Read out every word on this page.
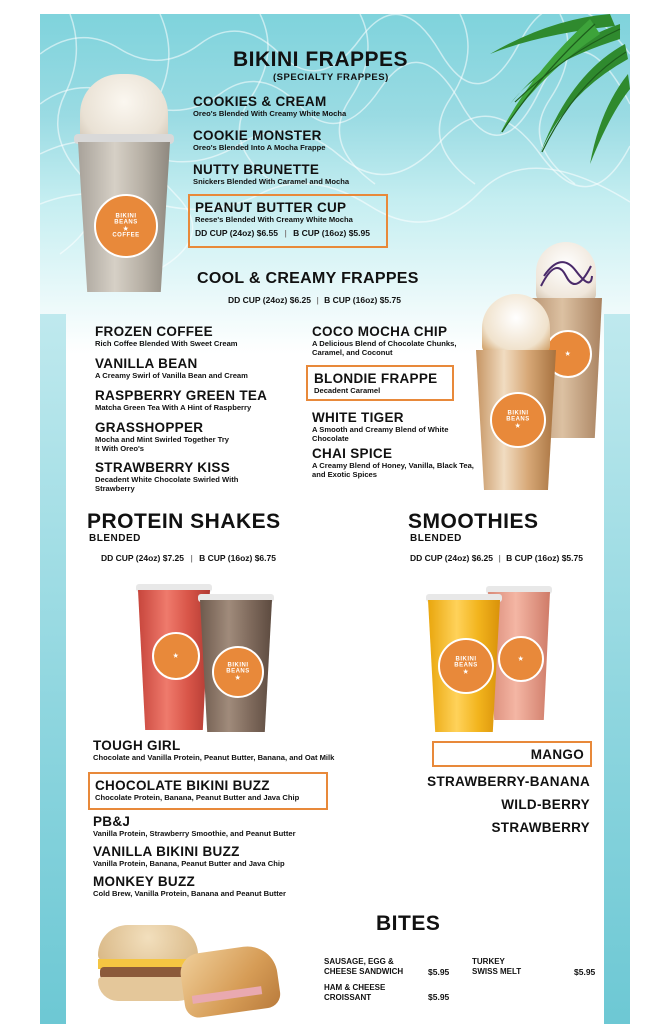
BIKINI FRAPPES
(SPECIALTY FRAPPES)
BIKINI BEANS
★
COFFEE
COOKIES & CREAM
Oreo's Blended With Creamy White Mocha
COOKIE MONSTER
Oreo's Blended Into A Mocha Frappe
NUTTY BRUNETTE
Snickers Blended With Caramel and Mocha
PEANUT BUTTER CUP
Reese's Blended With Creamy White Mocha
DD CUP (24oz) $6.55 | B CUP (16oz) $5.95
COOL & CREAMY FRAPPES
DD CUP (24oz) $6.25 | B CUP (16oz) $5.75
FROZEN COFFEE
Rich Coffee Blended With Sweet Cream
VANILLA BEAN
A Creamy Swirl of Vanilla Bean and Cream
RASPBERRY GREEN TEA
Matcha Green Tea With A Hint of Raspberry
GRASSHOPPER
Mocha and Mint Swirled Together Try It With Oreo's
STRAWBERRY KISS
Decadent White Chocolate Swirled With Strawberry
COCO MOCHA CHIP
A Delicious Blend of Chocolate Chunks, Caramel, and Coconut
BLONDIE FRAPPE
Decadent Caramel
WHITE TIGER
A Smooth and Creamy Blend of White Chocolate
CHAI SPICE
A Creamy Blend of Honey, Vanilla, Black Tea, and Exotic Spices
★
BIKINI BEANS
★
PROTEIN SHAKES
BLENDED
DD CUP (24oz) $7.25 | B CUP (16oz) $6.75
★
BIKINI BEANS
★
TOUGH GIRL
Chocolate and Vanilla Protein, Peanut Butter, Banana, and Oat Milk
CHOCOLATE BIKINI BUZZ
Chocolate Protein, Banana, Peanut Butter and Java Chip
PB&J
Vanilla Protein, Strawberry Smoothie, and Peanut Butter
VANILLA BIKINI BUZZ
Vanilla Protein, Banana, Peanut Butter and Java Chip
MONKEY BUZZ
Cold Brew, Vanilla Protein, Banana and Peanut Butter
SMOOTHIES
BLENDED
DD CUP (24oz) $6.25 | B CUP (16oz) $5.75
★
BIKINI BEANS
★
MANGO
STRAWBERRY-BANANA
WILD-BERRY
STRAWBERRY
BITES
SAUSAGE, EGG &
CHEESE SANDWICH	$5.95
TURKEY
SWISS MELT	$5.95
HAM & CHEESE
CROISSANT	$5.95
